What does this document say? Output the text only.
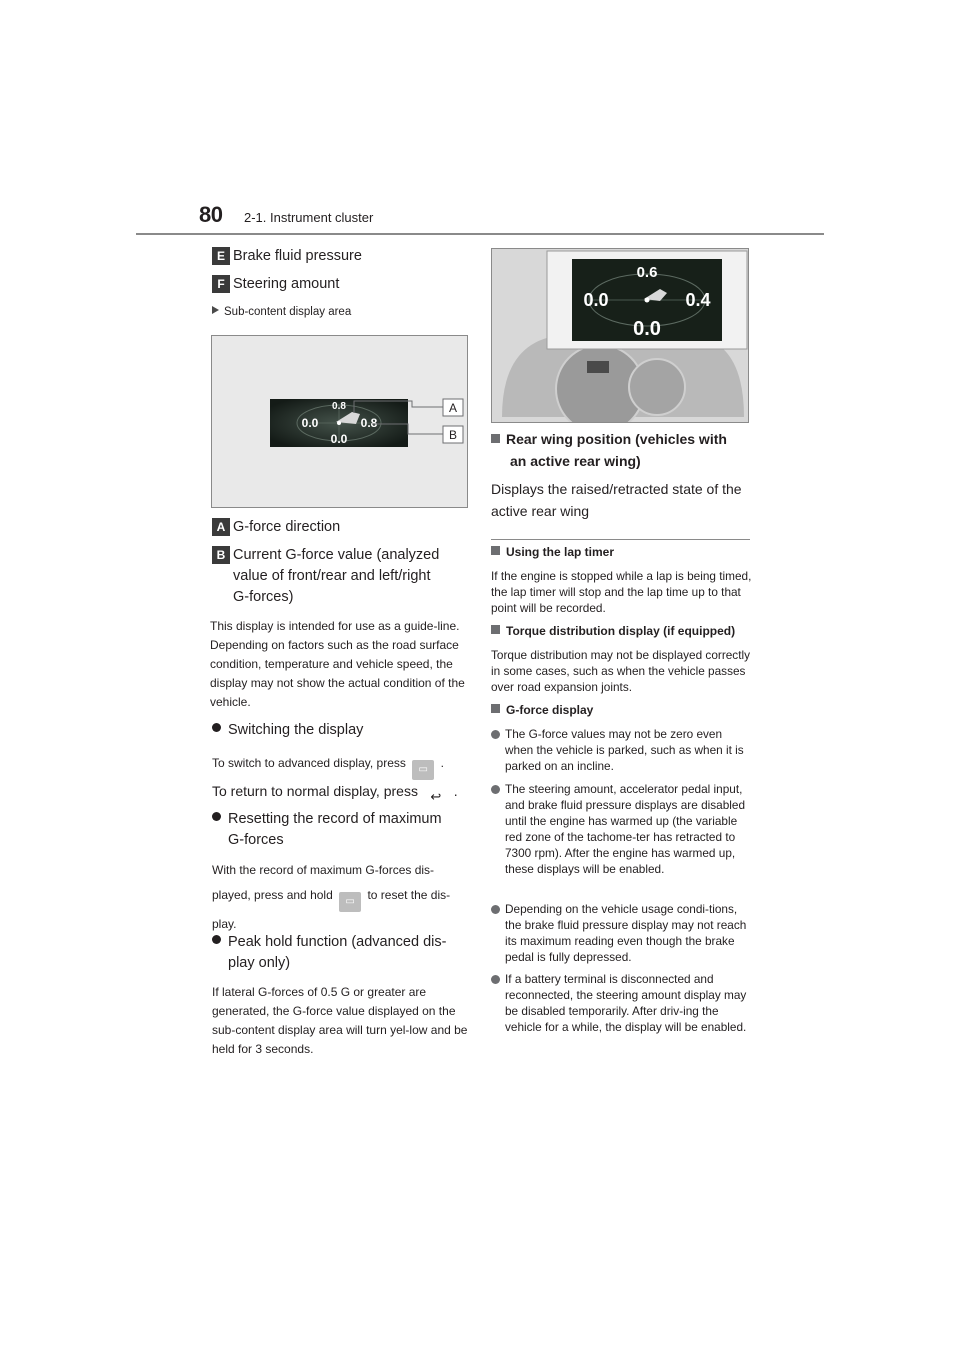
80 2-1. Instrument cluster
E Brake fluid pressure
F Steering amount
Sub-content display area
0.8
0.0	0.8
0.0
A
B
A G-force direction
B Current G-force value (analyzed
value of front/rear and left/right
G-forces)
This display is intended for use as a guide-line. Depending on factors such as the road surface condition, temperature and vehicle speed, the display may not show the actual condition of the vehicle.
Switching the display
To switch to advanced display, press ▭ .
To return to normal display, press ↩ .
Resetting the record of maximum
G-forces
With the record of maximum G-forces dis-
played, press and hold ▭ to reset the dis-
play.
Peak hold function (advanced dis-
play only)
If lateral G-forces of 0.5 G or greater are generated, the G-force value displayed on the sub-content display area will turn yel-low and be held for 3 seconds.
0.6
0.0	0.4
0.0
Rear wing position (vehicles with
an active rear wing)
Displays the raised/retracted state of the active rear wing
Using the lap timer
If the engine is stopped while a lap is being timed, the lap timer will stop and the lap time up to that point will be recorded.
Torque distribution display (if equipped)
Torque distribution may not be displayed correctly in some cases, such as when the vehicle passes over road expansion joints.
G-force display
The G-force values may not be zero even when the vehicle is parked, such as when it is parked on an incline.
The steering amount, accelerator pedal input, and brake fluid pressure displays are disabled until the engine has warmed up (the variable red zone of the tachome-ter has retracted to 7300 rpm). After the engine has warmed up, these displays will be enabled.
Depending on the vehicle usage condi-tions, the brake fluid pressure display may not reach its maximum reading even though the brake pedal is fully depressed.
If a battery terminal is disconnected and reconnected, the steering amount display may be disabled temporarily. After driv-ing the vehicle for a while, the display will be enabled.
